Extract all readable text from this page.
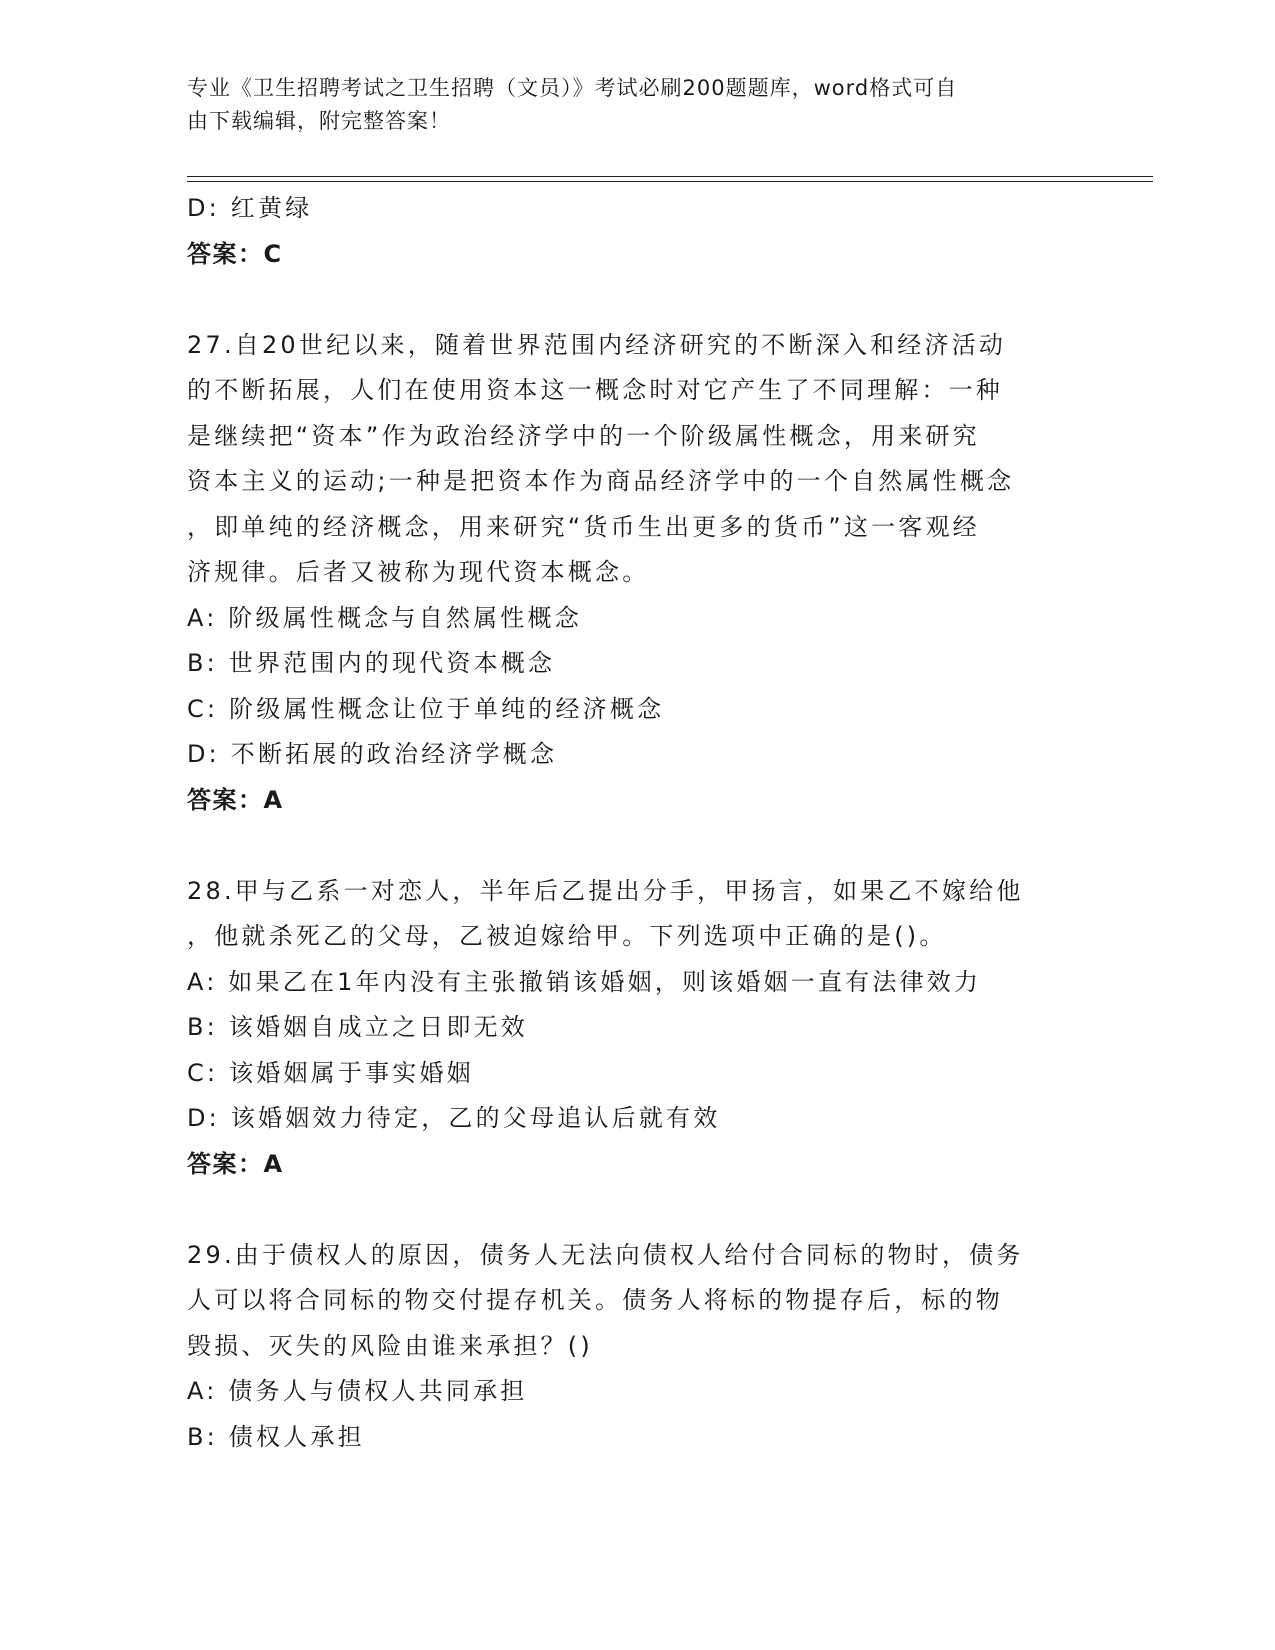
专业《卫生招聘考试之卫生招聘（文员）》考试必刷200题题库，word格式可自
由下载编辑，附完整答案！
D: 红黄绿
答案：C
27.自20世纪以来，随着世界范围内经济研究的不断深入和经济活动
的不断拓展，人们在使用资本这一概念时对它产生了不同理解：一种
是继续把“资本”作为政治经济学中的一个阶级属性概念，用来研究
资本主义的运动;一种是把资本作为商品经济学中的一个自然属性概念
，即单纯的经济概念，用来研究“货币生出更多的货币”这一客观经
济规律。后者又被称为现代资本概念。
A: 阶级属性概念与自然属性概念
B: 世界范围内的现代资本概念
C: 阶级属性概念让位于单纯的经济概念
D: 不断拓展的政治经济学概念
答案：A
28.甲与乙系一对恋人，半年后乙提出分手，甲扬言，如果乙不嫁给他
，他就杀死乙的父母，乙被迫嫁给甲。下列选项中正确的是()。
A: 如果乙在1年内没有主张撤销该婚姻，则该婚姻一直有法律效力
B: 该婚姻自成立之日即无效
C: 该婚姻属于事实婚姻
D: 该婚姻效力待定，乙的父母追认后就有效
答案：A
29.由于债权人的原因，债务人无法向债权人给付合同标的物时，债务
人可以将合同标的物交付提存机关。债务人将标的物提存后，标的物
毁损、灭失的风险由谁来承担？()
A: 债务人与债权人共同承担
B: 债权人承担
